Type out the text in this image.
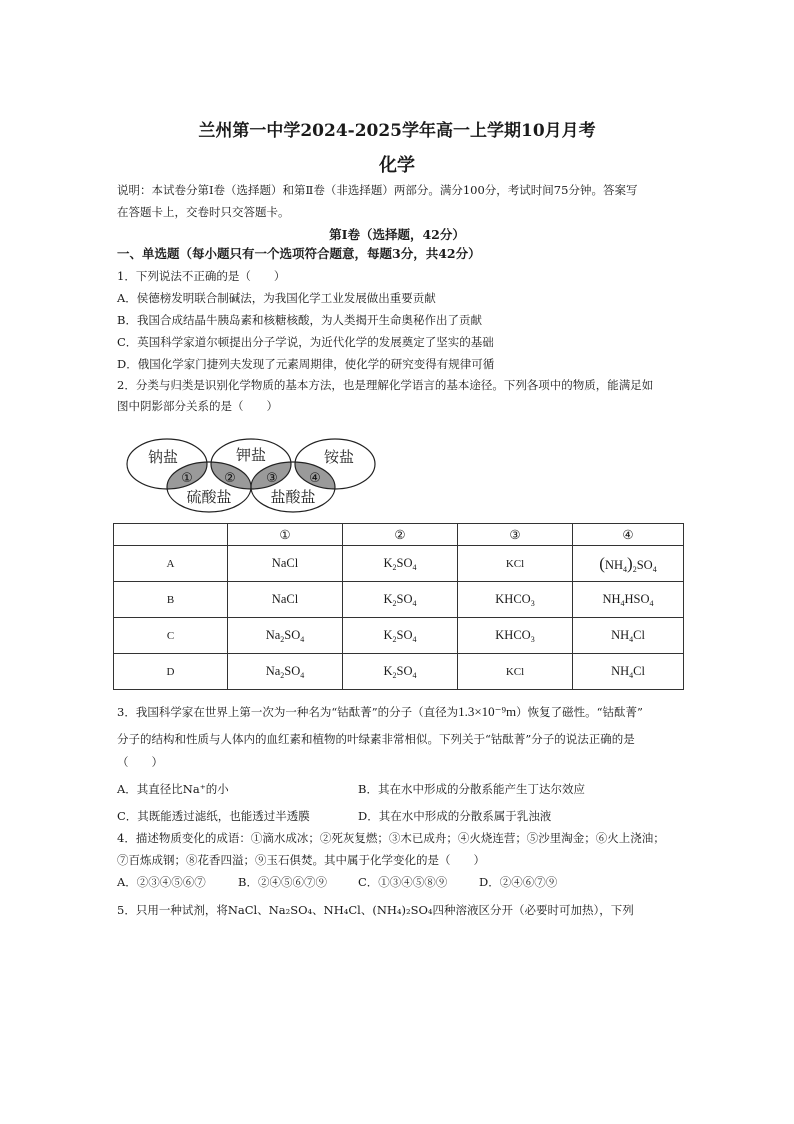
兰州第一中学2024-2025学年高一上学期10月月考
化学
说明：本试卷分第Ⅰ卷（选择题）和第Ⅱ卷（非选择题）两部分。满分100分，考试时间75分钟。答案写
在答题卡上，交卷时只交答题卡。
第Ⅰ卷（选择题，42分）
一、单选题（每小题只有一个选项符合题意，每题3分，共42分）
1．下列说法不正确的是（　　）
A．侯德榜发明联合制碱法，为我国化学工业发展做出重要贡献
B．我国合成结晶牛胰岛素和核糖核酸，为人类揭开生命奥秘作出了贡献
C．英国科学家道尔顿提出分子学说，为近代化学的发展奠定了坚实的基础
D．俄国化学家门捷列夫发现了元素周期律，使化学的研究变得有规律可循
2．分类与归类是识别化学物质的基本方法，也是理解化学语言的基本途径。下列各项中的物质，能满足如
图中阴影部分关系的是（　　）
钠盐	钾盐	铵盐
硫酸盐	盐酸盐
① ② ③ ④
	①	②	③	④
A	NaCl	$K_2SO_4$	KCl	$(NH_4)_2SO_4$
B	NaCl	$K_2SO_4$	$KHCO_3$	$NH_4HSO_4$
C	$Na_2SO_4$	$K_2SO_4$	$KHCO_3$	$NH_4Cl$
D	$Na_2SO_4$	$K_2SO_4$	KCl	$NH_4Cl$
3．我国科学家在世界上第一次为一种名为“钴酞菁”的分子（直径为1.3×10⁻⁹m）恢复了磁性。“钴酞菁”
分子的结构和性质与人体内的血红素和植物的叶绿素非常相似。下列关于“钴酞菁”分子的说法正确的是
（　　）
A．其直径比Na⁺的小	B．其在水中形成的分散系能产生丁达尔效应
C．其既能透过滤纸，也能透过半透膜	D．其在水中形成的分散系属于乳浊液
4．描述物质变化的成语：①滴水成冰；②死灰复燃；③木已成舟；④火烧连营；⑤沙里淘金；⑥火上浇油；
⑦百炼成钢；⑧花香四溢；⑨玉石俱焚。其中属于化学变化的是（　　）
A．②③④⑤⑥⑦	B．②④⑤⑥⑦⑨	C．①③④⑤⑧⑨	D．②④⑥⑦⑨
5．只用一种试剂，将NaCl、Na₂SO₄、NH₄Cl、(NH₄)₂SO₄四种溶液区分开（必要时可加热），下列
